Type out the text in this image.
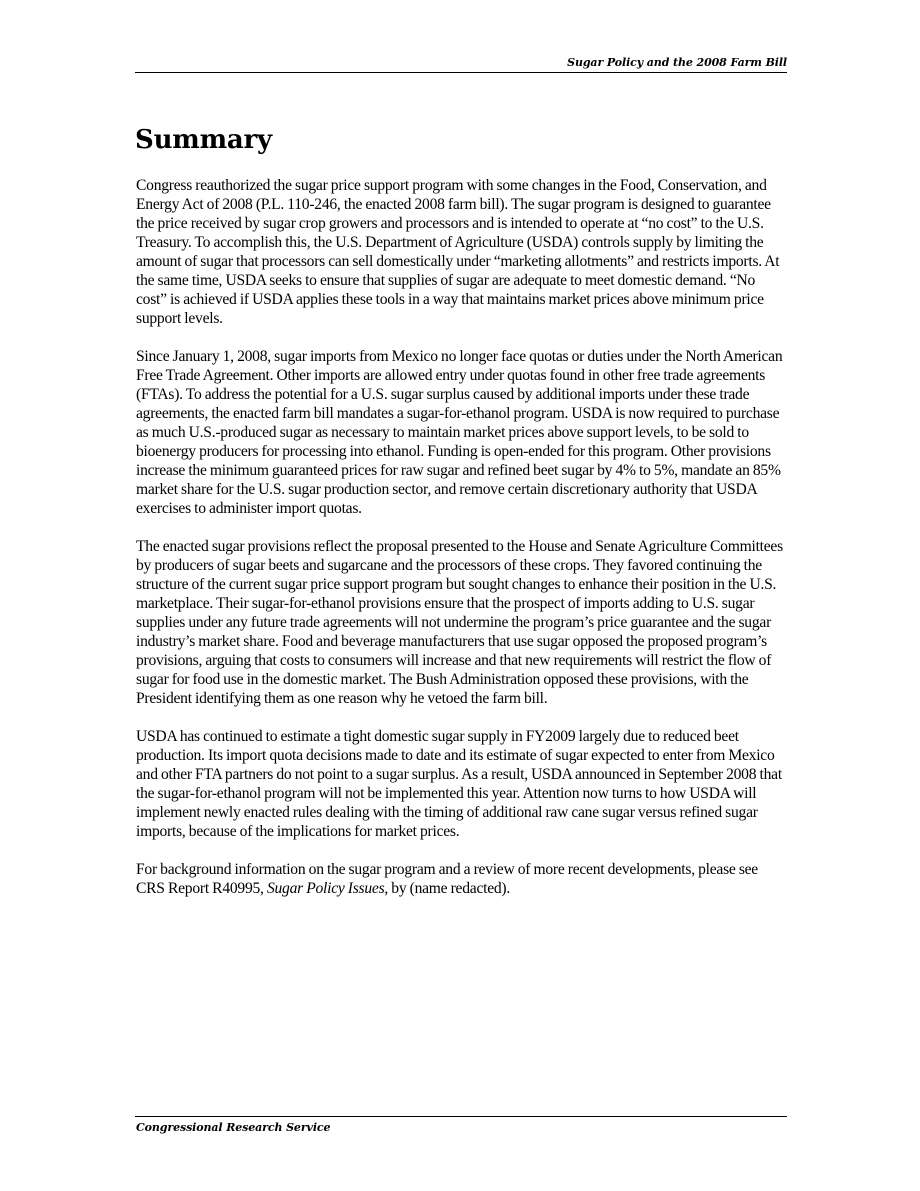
Sugar Policy and the 2008 Farm Bill
Summary

Congress reauthorized the sugar price support program with some changes in the Food, Conservation, and Energy Act of 2008 (P.L. 110-246, the enacted 2008 farm bill). The sugar program is designed to guarantee the price received by sugar crop growers and processors and is intended to operate at “no cost” to the U.S. Treasury. To accomplish this, the U.S. Department of Agriculture (USDA) controls supply by limiting the amount of sugar that processors can sell domestically under “marketing allotments” and restricts imports. At the same time, USDA seeks to ensure that supplies of sugar are adequate to meet domestic demand. “No cost” is achieved if USDA applies these tools in a way that maintains market prices above minimum price support levels.

Since January 1, 2008, sugar imports from Mexico no longer face quotas or duties under the North American Free Trade Agreement. Other imports are allowed entry under quotas found in other free trade agreements (FTAs). To address the potential for a U.S. sugar surplus caused by additional imports under these trade agreements, the enacted farm bill mandates a sugar-for-ethanol program. USDA is now required to purchase as much U.S.-produced sugar as necessary to maintain market prices above support levels, to be sold to bioenergy producers for processing into ethanol. Funding is open-ended for this program. Other provisions increase the minimum guaranteed prices for raw sugar and refined beet sugar by 4% to 5%, mandate an 85% market share for the U.S. sugar production sector, and remove certain discretionary authority that USDA exercises to administer import quotas.

The enacted sugar provisions reflect the proposal presented to the House and Senate Agriculture Committees by producers of sugar beets and sugarcane and the processors of these crops. They favored continuing the structure of the current sugar price support program but sought changes to enhance their position in the U.S. marketplace. Their sugar-for-ethanol provisions ensure that the prospect of imports adding to U.S. sugar supplies under any future trade agreements will not undermine the program’s price guarantee and the sugar industry’s market share. Food and beverage manufacturers that use sugar opposed the proposed program’s provisions, arguing that costs to consumers will increase and that new requirements will restrict the flow of sugar for food use in the domestic market. The Bush Administration opposed these provisions, with the President identifying them as one reason why he vetoed the farm bill.

USDA has continued to estimate a tight domestic sugar supply in FY2009 largely due to reduced beet production. Its import quota decisions made to date and its estimate of sugar expected to enter from Mexico and other FTA partners do not point to a sugar surplus. As a result, USDA announced in September 2008 that the sugar-for-ethanol program will not be implemented this year. Attention now turns to how USDA will implement newly enacted rules dealing with the timing of additional raw cane sugar versus refined sugar imports, because of the implications for market prices.

For background information on the sugar program and a review of more recent developments, please see CRS Report R40995, Sugar Policy Issues, by (name redacted).

Congressional Research Service
